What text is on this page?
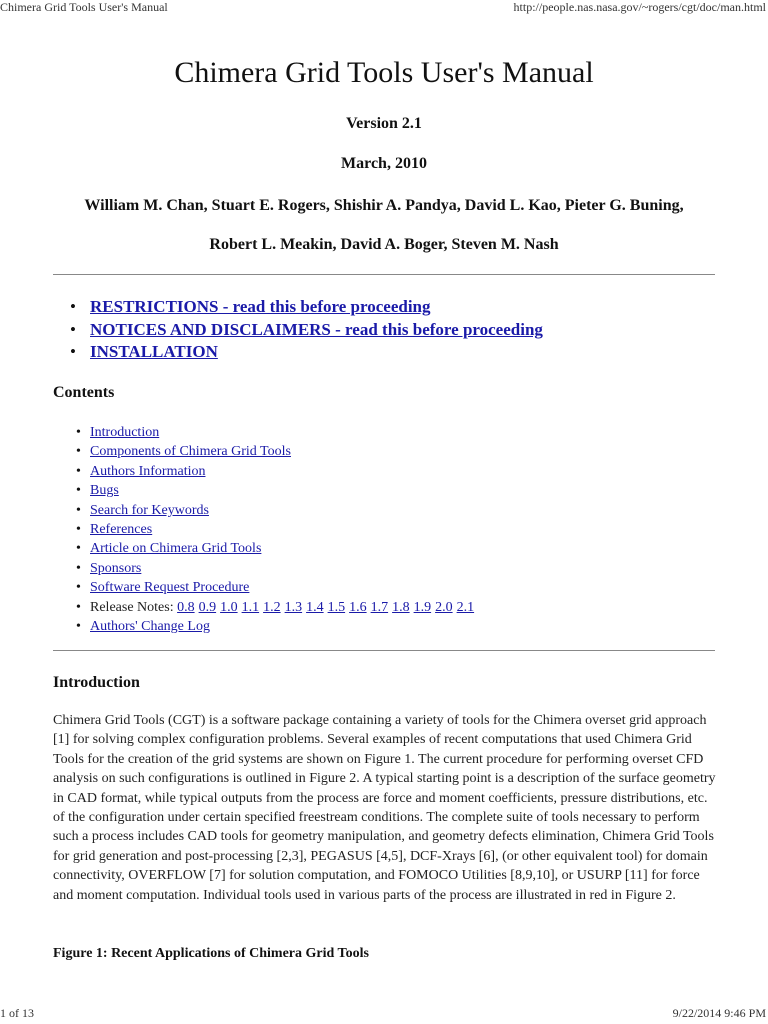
Chimera Grid Tools User's Manual	http://people.nas.nasa.gov/~rogers/cgt/doc/man.html
Chimera Grid Tools User's Manual
Version 2.1
March, 2010
William M. Chan, Stuart E. Rogers, Shishir A. Pandya, David L. Kao, Pieter G. Buning,
Robert L. Meakin, David A. Boger, Steven M. Nash
• RESTRICTIONS - read this before proceeding
• NOTICES AND DISCLAIMERS - read this before proceeding
• INSTALLATION
Contents
• Introduction
• Components of Chimera Grid Tools
• Authors Information
• Bugs
• Search for Keywords
• References
• Article on Chimera Grid Tools
• Sponsors
• Software Request Procedure
• Release Notes: 0.8 0.9 1.0 1.1 1.2 1.3 1.4 1.5 1.6 1.7 1.8 1.9 2.0 2.1
• Authors' Change Log
Introduction

Chimera Grid Tools (CGT) is a software package containing a variety of tools for the Chimera overset grid approach [1] for solving complex configuration problems. Several examples of recent computations that used Chimera Grid Tools for the creation of the grid systems are shown on Figure 1. The current procedure for performing overset CFD analysis on such configurations is outlined in Figure 2. A typical starting point is a description of the surface geometry in CAD format, while typical outputs from the process are force and moment coefficients, pressure distributions, etc. of the configuration under certain specified freestream conditions. The complete suite of tools necessary to perform such a process includes CAD tools for geometry manipulation, and geometry defects elimination, Chimera Grid Tools for grid generation and post-processing [2,3], PEGASUS [4,5], DCF-Xrays [6], (or other equivalent tool) for domain connectivity, OVERFLOW [7] for solution computation, and FOMOCO Utilities [8,9,10], or USURP [11] for force and moment computation. Individual tools used in various parts of the process are illustrated in red in Figure 2.

Figure 1: Recent Applications of Chimera Grid Tools
1 of 13	9/22/2014 9:46 PM
